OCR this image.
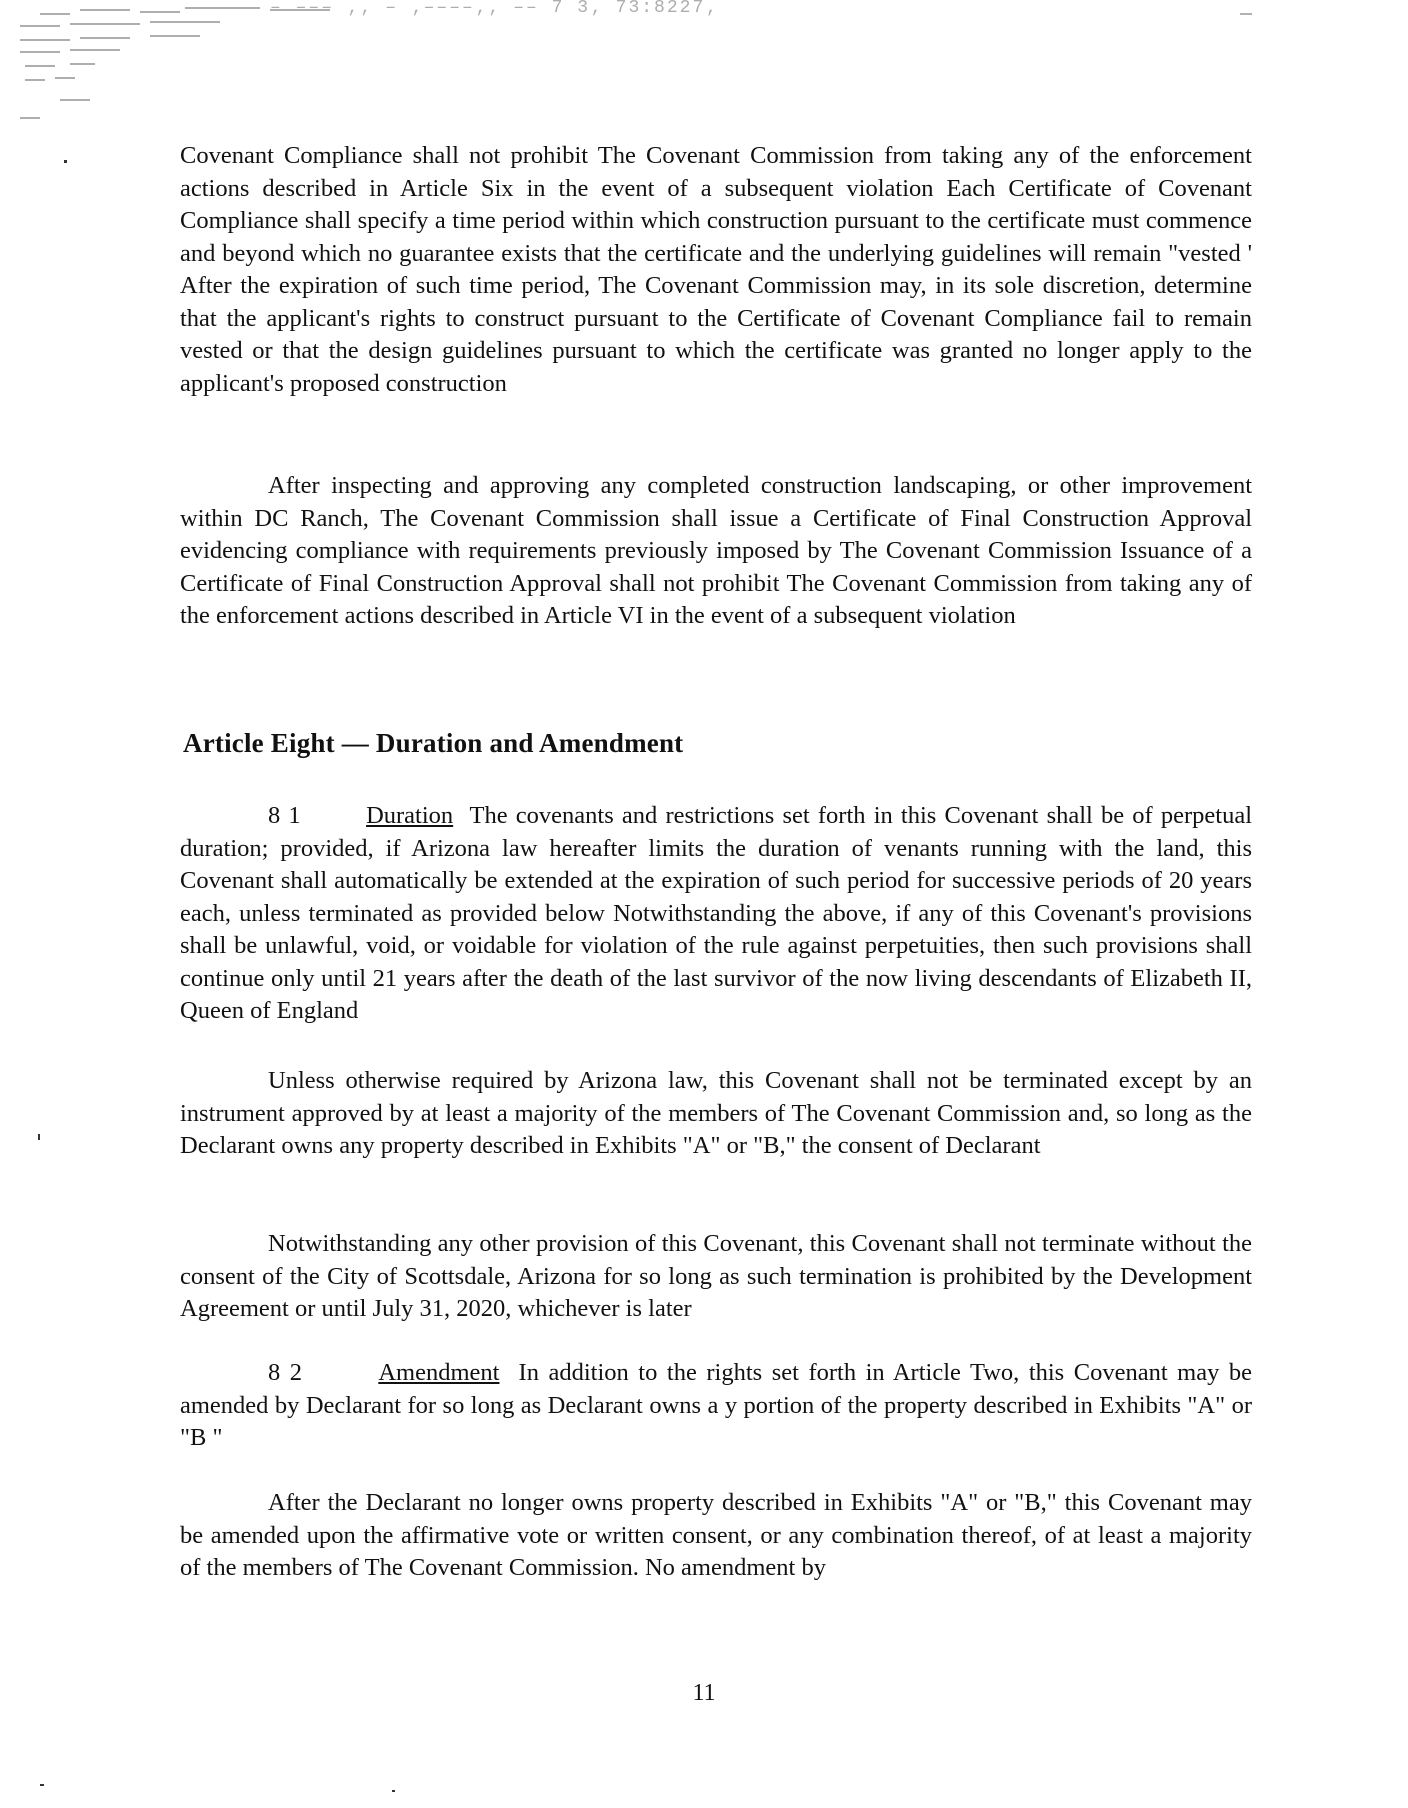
‒ ‒‒‒ ‚‚ ‒ ‚‒‒‒‒‚‚ ‒‒ 7 3‚ 73:8227‚

Covenant Compliance shall not prohibit The Covenant Commission from taking any of the enforcement actions described in Article Six in the event of a subsequent violation Each Certificate of Covenant Compliance shall specify a time period within which construction pursuant to the certificate must commence and beyond which no guarantee exists that the certificate and the underlying guidelines will remain "vested ' After the expiration of such time period, The Covenant Commission may, in its sole discretion, determine that the applicant's rights to construct pursuant to the Certificate of Covenant Compliance fail to remain vested or that the design guidelines pursuant to which the certificate was granted no longer apply to the applicant's proposed construction

After inspecting and approving any completed construction landscaping, or other improvement within DC Ranch, The Covenant Commission shall issue a Certificate of Final Construction Approval evidencing compliance with requirements previously imposed by The Covenant Commission Issuance of a Certificate of Final Construction Approval shall not prohibit The Covenant Commission from taking any of the enforcement actions described in Article VI in the event of a subsequent violation

Article Eight — Duration and Amendment

8 1	Duration The covenants and restrictions set forth in this Covenant shall be of perpetual duration; provided, if Arizona law hereafter limits the duration of venants running with the land, this Covenant shall automatically be extended at the expiration of such period for successive periods of 20 years each, unless terminated as provided below Notwithstanding the above, if any of this Covenant's provisions shall be unlawful, void, or voidable for violation of the rule against perpetuities, then such provisions shall continue only until 21 years after the death of the last survivor of the now living descendants of Elizabeth II, Queen of England

Unless otherwise required by Arizona law, this Covenant shall not be terminated except by an instrument approved by at least a majority of the members of The Covenant Commission and, so long as the Declarant owns any property described in Exhibits "A" or "B," the consent of Declarant

Notwithstanding any other provision of this Covenant, this Covenant shall not terminate without the consent of the City of Scottsdale, Arizona for so long as such termination is prohibited by the Development Agreement or until July 31, 2020, whichever is later

8 2	Amendment In addition to the rights set forth in Article Two, this Covenant may be amended by Declarant for so long as Declarant owns a y portion of the property described in Exhibits "A" or "B "

After the Declarant no longer owns property described in Exhibits "A" or "B," this Covenant may be amended upon the affirmative vote or written consent, or any combination thereof, of at least a majority of the members of The Covenant Commission. No amendment by

11
